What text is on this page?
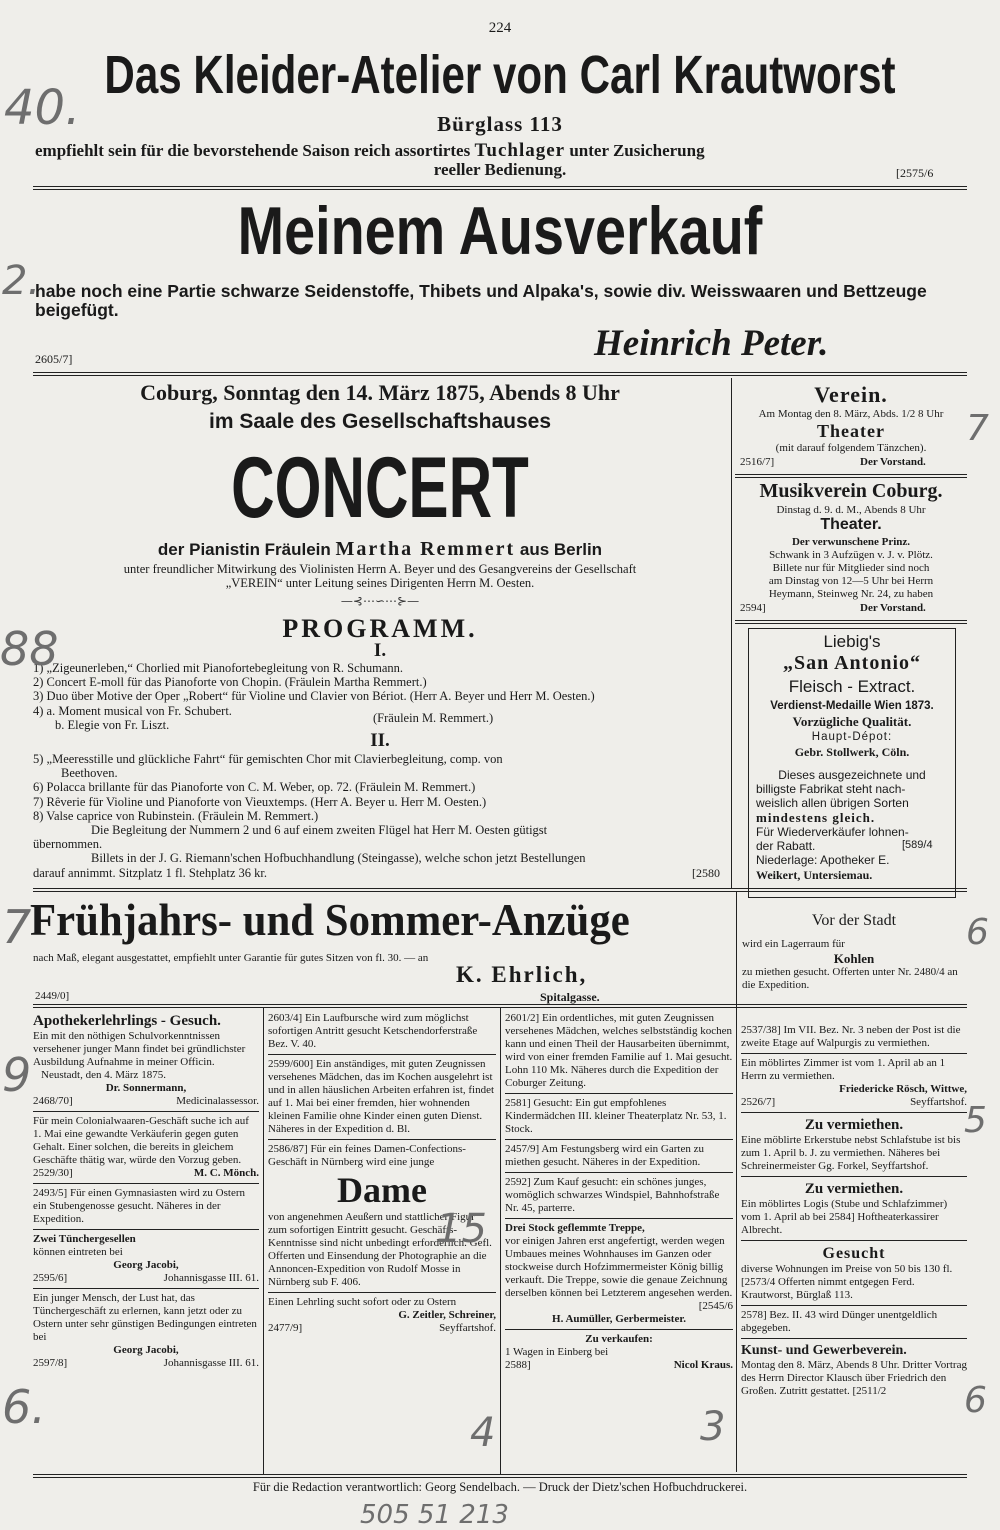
224
Das Kleider-Atelier von Carl Krautworst
Bürglass 113
empfiehlt sein für die bevorstehende Saison reich assortirtes Tuchlager unter Zusicherung
reeller Bedienung.	[2575/6
Meinem Ausverkauf
habe noch eine Partie schwarze Seidenstoffe, Thibets und Alpaka's, sowie div. Weisswaaren und Bettzeuge beigefügt.
2605/7]	Heinrich Peter.
Coburg, Sonntag den 14. März 1875, Abends 8 Uhr
im Saale des Gesellschaftshauses
CONCERT
der Pianistin Fräulein Martha Remmert aus Berlin
unter freundlicher Mitwirkung des Violinisten Herrn A. Beyer und des Gesangvereins der Gesellschaft
„VEREIN“ unter Leitung seines Dirigenten Herrn M. Oesten.
—⊰⋯∽⋯⊱—
PROGRAMM.
I.
1) „Zigeunerleben,“ Chorlied mit Pianofortebegleitung von R. Schumann.
2) Concert E-moll für das Pianoforte von Chopin. (Fräulein Martha Remmert.)
3) Duo über Motive der Oper „Robert“ für Violine und Clavier von Bériot. (Herr A. Beyer und Herr M. Oesten.)
4) a. Moment musical von Fr. Schubert.
b. Elegie von Fr. Liszt.	(Fräulein M. Remmert.)
II.
5) „Meeresstille und glückliche Fahrt“ für gemischten Chor mit Clavierbegleitung, comp. von
Beethoven.
6) Polacca brillante für das Pianoforte von C. M. Weber, op. 72. (Fräulein M. Remmert.)
7) Rêverie für Violine und Pianoforte von Vieuxtemps. (Herr A. Beyer u. Herr M. Oesten.)
8) Valse caprice von Rubinstein. (Fräulein M. Remmert.)
Die Begleitung der Nummern 2 und 6 auf einem zweiten Flügel hat Herr M. Oesten gütigst
übernommen.
Billets in der J. G. Riemann'schen Hofbuchhandlung (Steingasse), welche schon jetzt Bestellungen
darauf annimmt. Sitzplatz 1 fl. Stehplatz 36 kr.	[2580
Verein.
Am Montag den 8. März, Abds. 1/2 8 Uhr
Theater
(mit darauf folgendem Tänzchen).
2516/7]	Der Vorstand.
Musikverein Coburg.
Dinstag d. 9. d. M., Abends 8 Uhr
Theater.
Der verwunschene Prinz.
Schwank in 3 Aufzügen v. J. v. Plötz.
Billete nur für Mitglieder sind noch
am Dinstag von 12—5 Uhr bei Herrn
Heymann, Steinweg Nr. 24, zu haben
2594]	Der Vorstand.
Liebig's
„San Antonio“
Fleisch - Extract.
Verdienst-Medaille Wien 1873.
Vorzügliche Qualität.
Haupt-Dépot:
Gebr. Stollwerk, Cöln.
Dieses ausgezeichnete und
billigste Fabrikat steht nach-
weislich allen übrigen Sorten
mindestens gleich.
Für Wiederverkäufer lohnen-
der Rabatt.	[589/4
Niederlage: Apotheker E.
Weikert, Untersiemau.
Frühjahrs- und Sommer-Anzüge
nach Maß, elegant ausgestattet, empfiehlt unter Garantie für gutes Sitzen von fl. 30. — an
K. Ehrlich,
Spitalgasse.
2449/0]
Vor der Stadt
wird ein Lagerraum für
Kohlen
zu miethen gesucht. Offerten unter Nr. 2480/4 an die Expedition.

Apothekerlehrlings - Gesuch.

Ein mit den nöthigen Schulvorkenntnissen versehener junger Mann findet bei gründlichster Ausbildung Aufnahme in meiner Officin.

Neustadt, den 4. März 1875.

Dr. Sonnermann,

2468/70]	Medicinalassessor.

Für mein Colonialwaaren-Geschäft suche ich auf 1. Mai eine gewandte Verkäuferin gegen guten Gehalt. Einer solchen, die bereits in gleichem Geschäfte thätig war, würde den Vorzug geben.

2529/30]	M. C. Mönch.

2493/5] Für einen Gymnasiasten wird zu Ostern ein Stubengenosse gesucht. Näheres in der Expedition.

Zwei Tünchergesellen

können eintreten bei

Georg Jacobi,

2595/6]	Johannisgasse III. 61.

Ein junger Mensch, der Lust hat, das Tünchergeschäft zu erlernen, kann jetzt oder zu Ostern unter sehr günstigen Bedingungen eintreten bei

Georg Jacobi,

2597/8]	Johannisgasse III. 61.

2603/4] Ein Laufbursche wird zum möglichst sofortigen Antritt gesucht Ketschendorferstraße Bez. V. 40.

2599/600] Ein anständiges, mit guten Zeugnissen versehenes Mädchen, das im Kochen ausgelehrt ist und in allen häuslichen Arbeiten erfahren ist, findet auf 1. Mai bei einer fremden, hier wohnenden kleinen Familie ohne Kinder einen guten Dienst. Näheres in der Expedition d. Bl.

2586/87] Für ein feines Damen-Confections-Geschäft in Nürnberg wird eine junge

Dame

von angenehmen Aeußern und stattlicher Figur zum sofortigen Eintritt gesucht. Geschäfts-Kenntnisse sind nicht unbedingt erforderlich. Gefl. Offerten und Einsendung der Photographie an die Annoncen-Expedition von Rudolf Mosse in Nürnberg sub F. 406.

Einen Lehrling sucht sofort oder zu Ostern

G. Zeitler, Schreiner,

2477/9]	Seyffartshof.

2601/2] Ein ordentliches, mit guten Zeugnissen versehenes Mädchen, welches selbstständig kochen kann und einen Theil der Hausarbeiten übernimmt, wird von einer fremden Familie auf 1. Mai gesucht. Lohn 110 Mk. Näheres durch die Expedition der Coburger Zeitung.

2581] Gesucht: Ein gut empfohlenes Kindermädchen III. kleiner Theaterplatz Nr. 53, 1. Stock.

2457/9] Am Festungsberg wird ein Garten zu miethen gesucht. Näheres in der Expedition.

2592] Zum Kauf gesucht: ein schönes junges, womöglich schwarzes Windspiel, Bahnhofstraße Nr. 45, parterre.

Drei Stock geflemmte Treppe,

vor einigen Jahren erst angefertigt, werden wegen Umbaues meines Wohnhauses im Ganzen oder stockweise durch Hofzimmermeister König billig verkauft. Die Treppe, sowie die genaue Zeichnung derselben können bei Letzterem angesehen werden.

[2545/6

H. Aumüller, Gerbermeister.

Zu verkaufen:

1 Wagen in Einberg bei

2588]	Nicol Kraus.

2537/38] Im VII. Bez. Nr. 3 neben der Post ist die zweite Etage auf Walpurgis zu vermiethen.

Ein möblirtes Zimmer ist vom 1. April ab an 1 Herrn zu vermiethen.

Friedericke Rösch, Wittwe,

2526/7]	Seyffartshof.

Zu vermiethen.

Eine möblirte Erkerstube nebst Schlafstube ist bis zum 1. April b. J. zu vermiethen. Näheres bei Schreinermeister Gg. Forkel, Seyffartshof.

Zu vermiethen.

Ein möblirtes Logis (Stube und Schlafzimmer) vom 1. April ab bei 2584] Hoftheaterkassirer Albrecht.

Gesucht

diverse Wohnungen im Preise von 50 bis 130 fl. [2573/4 Offerten nimmt entgegen Ferd. Krautworst, Bürglaß 113.

2578] Bez. II. 43 wird Dünger unentgeldlich abgegeben.

Kunst- und Gewerbeverein.

Montag den 8. März, Abends 8 Uhr. Dritter Vortrag des Herrn Director Klausch über Friedrich den Großen. Zutritt gestattet. [2511/2

Für die Redaction verantwortlich: Georg Sendelbach. — Druck der Dietz'schen Hofbuchdruckerei.
40.
2.
88
7
9
6.
15
4	3
6
5
6
7
505 51 213
